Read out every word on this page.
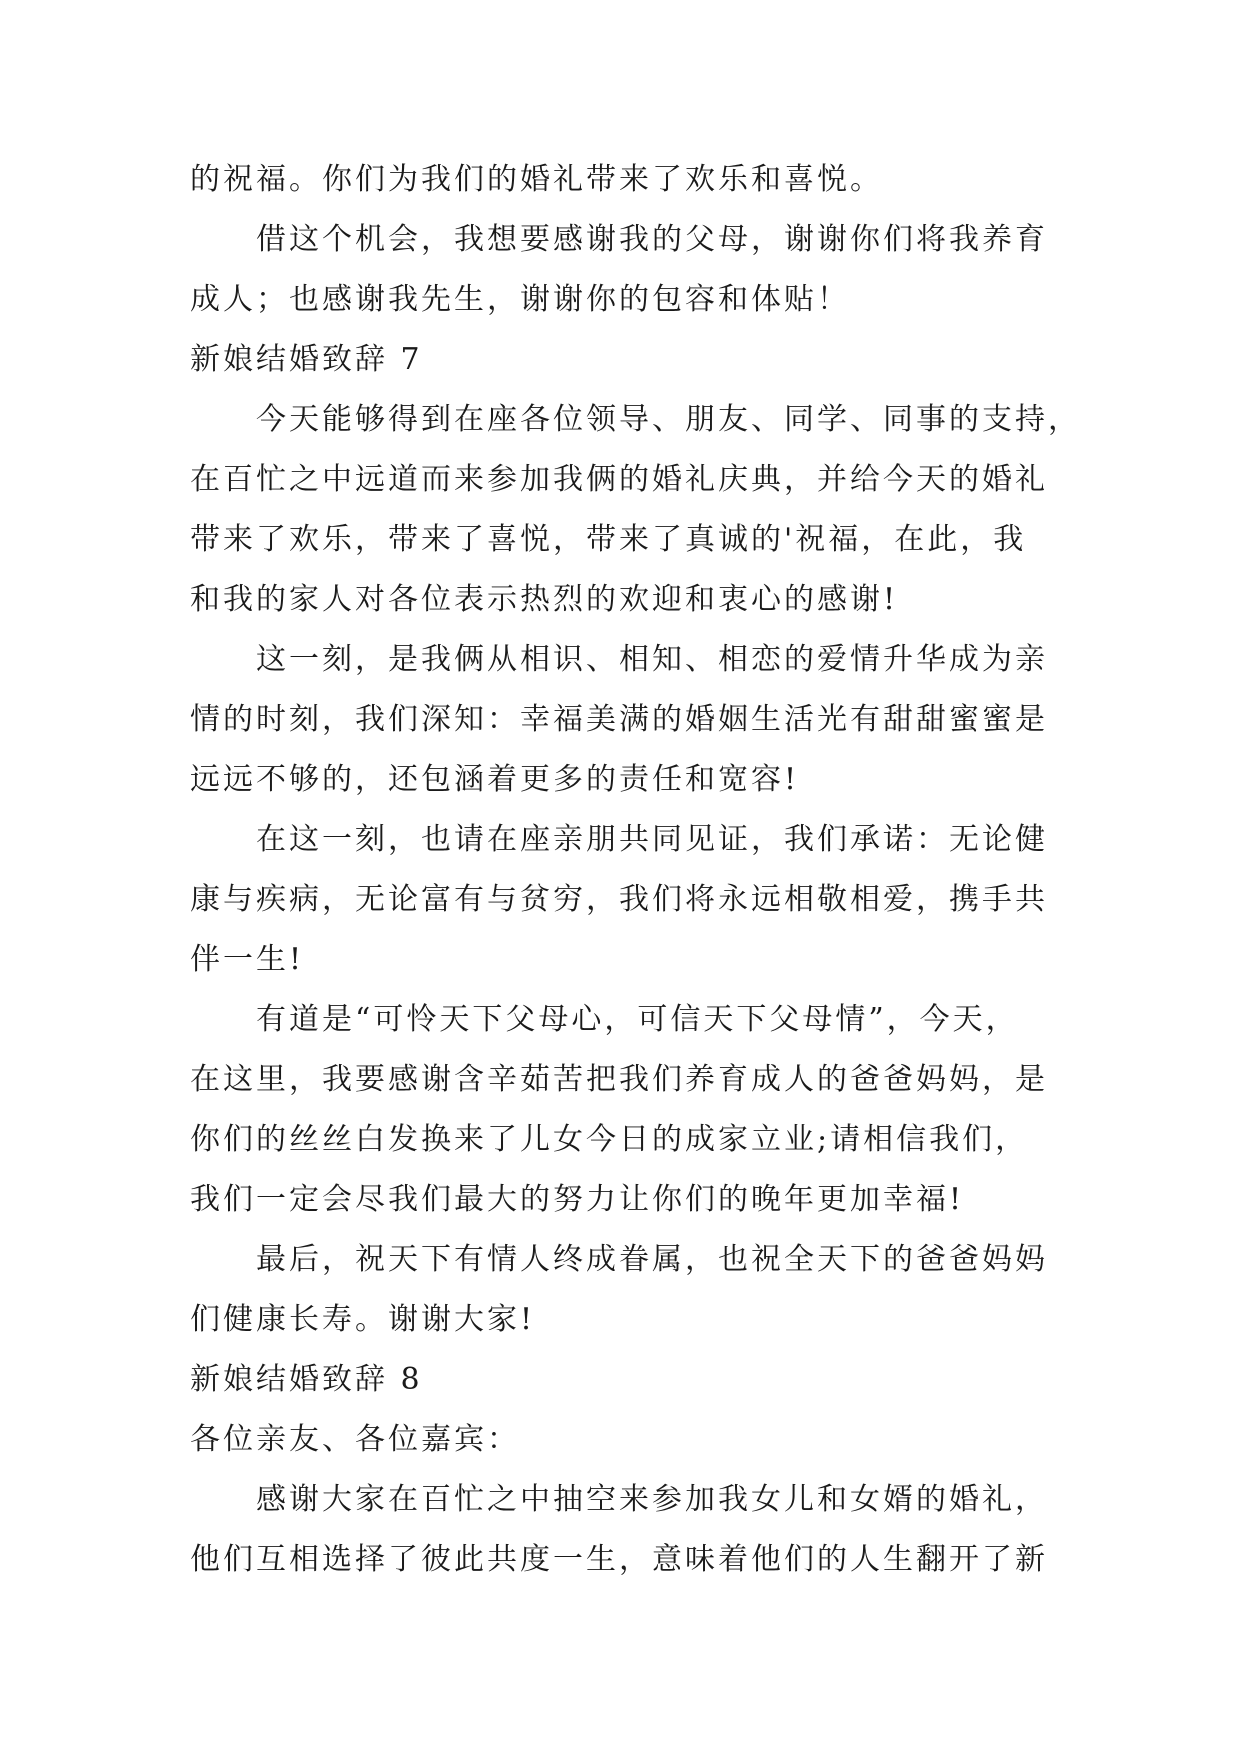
的祝福。你们为我们的婚礼带来了欢乐和喜悦。
借这个机会，我想要感谢我的父母，谢谢你们将我养育
成人；也感谢我先生，谢谢你的包容和体贴！
新娘结婚致辞 7
今天能够得到在座各位领导、朋友、同学、同事的支持，
在百忙之中远道而来参加我俩的婚礼庆典，并给今天的婚礼
带来了欢乐，带来了喜悦，带来了真诚的'祝福，在此，我
和我的家人对各位表示热烈的欢迎和衷心的感谢!
这一刻，是我俩从相识、相知、相恋的爱情升华成为亲
情的时刻，我们深知：幸福美满的婚姻生活光有甜甜蜜蜜是
远远不够的，还包涵着更多的责任和宽容!
在这一刻，也请在座亲朋共同见证，我们承诺：无论健
康与疾病，无论富有与贫穷，我们将永远相敬相爱，携手共
伴一生!
有道是“可怜天下父母心，可信天下父母情”，今天，
在这里，我要感谢含辛茹苦把我们养育成人的爸爸妈妈，是
你们的丝丝白发换来了儿女今日的成家立业;请相信我们，
我们一定会尽我们最大的努力让你们的晚年更加幸福!
最后，祝天下有情人终成眷属，也祝全天下的爸爸妈妈
们健康长寿。谢谢大家!
新娘结婚致辞 8
各位亲友、各位嘉宾：
感谢大家在百忙之中抽空来参加我女儿和女婿的婚礼，
他们互相选择了彼此共度一生，意味着他们的人生翻开了新
